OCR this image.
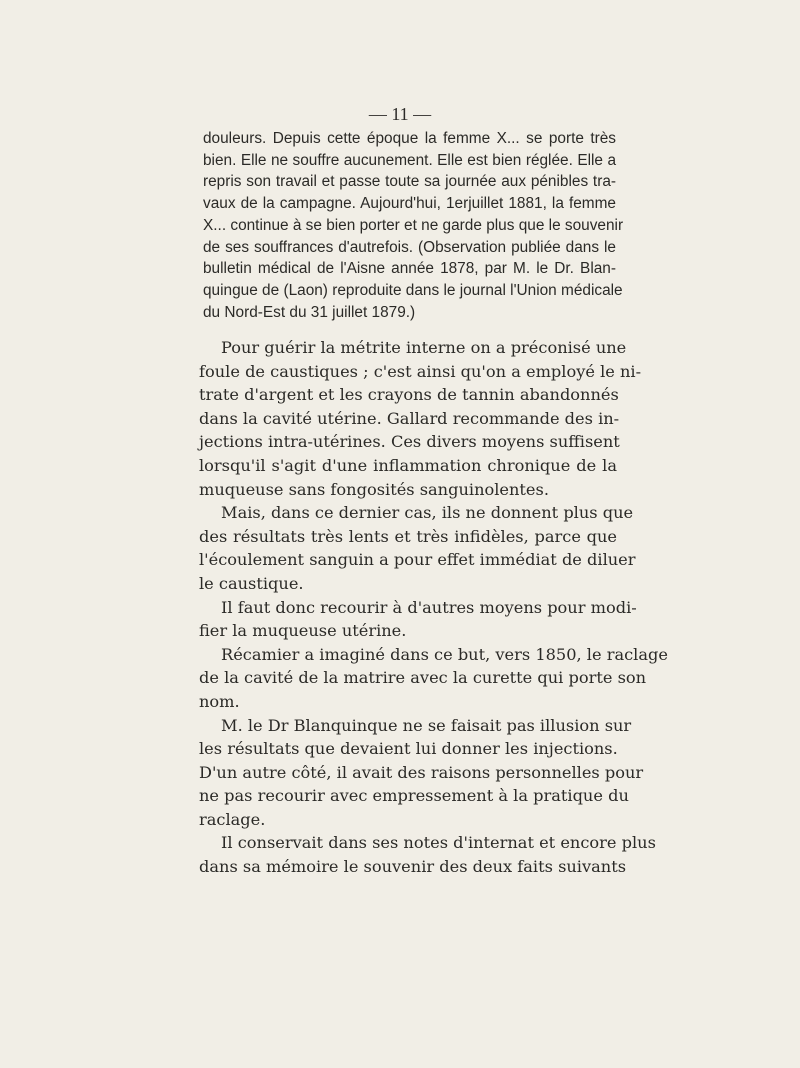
— 11 —

douleurs. Depuis cette époque la femme X... se porte très
bien. Elle ne souffre aucunement. Elle est bien réglée. Elle a
repris son travail et passe toute sa journée aux pénibles tra-
vaux de la campagne. Aujourd'hui, 1erjuillet 1881, la femme
X... continue à se bien porter et ne garde plus que le souvenir
de ses souffrances d'autrefois. (Observation publiée dans le
bulletin médical de l'Aisne année 1878, par M. le Dr. Blan-
quingue de (Laon) reproduite dans le journal l'Union médicale
du Nord-Est du 31 juillet 1879.)

Pour guérir la métrite interne on a préconisé une
foule de caustiques ; c'est ainsi qu'on a employé le ni-
trate d'argent et les crayons de tannin abandonnés
dans la cavité utérine. Gallard recommande des in-
jections intra-utérines. Ces divers moyens suffisent
lorsqu'il s'agit d'une inflammation chronique de la
muqueuse sans fongosités sanguinolentes.

Mais, dans ce dernier cas, ils ne donnent plus que
des résultats très lents et très infidèles, parce que
l'écoulement sanguin a pour effet immédiat de diluer
le caustique.

Il faut donc recourir à d'autres moyens pour modi-
fier la muqueuse utérine.

Récamier a imaginé dans ce but, vers 1850, le raclage
de la cavité de la matrire avec la curette qui porte son
nom.

M. le Dr Blanquinque ne se faisait pas illusion sur
les résultats que devaient lui donner les injections.
D'un autre côté, il avait des raisons personnelles pour
ne pas recourir avec empressement à la pratique du
raclage.

Il conservait dans ses notes d'internat et encore plus
dans sa mémoire le souvenir des deux faits suivants
